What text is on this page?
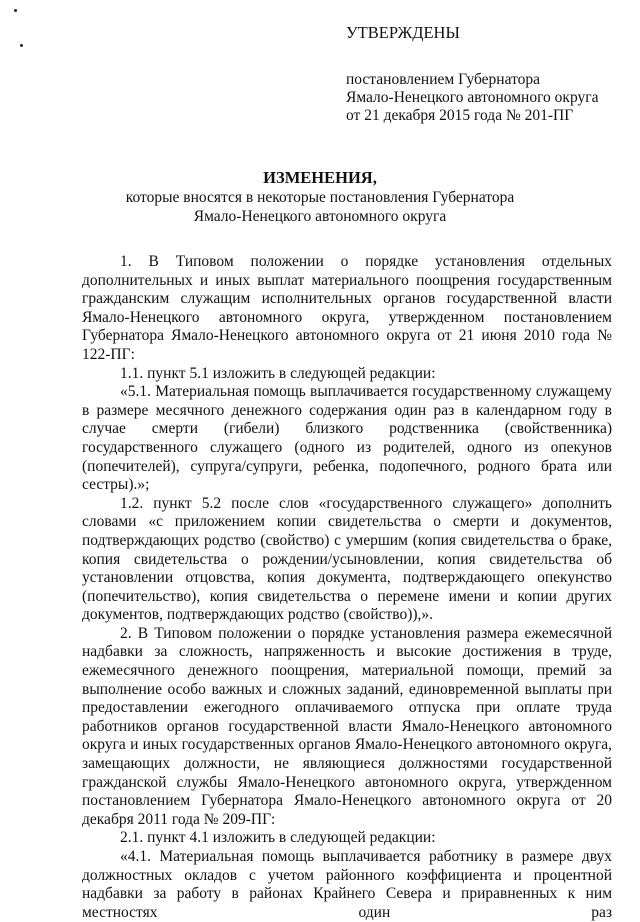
УТВЕРЖДЕНЫ
постановлением Губернатора
Ямало-Ненецкого автономного округа
от 21 декабря 2015 года № 201-ПГ
ИЗМЕНЕНИЯ,
которые вносятся в некоторые постановления Губернатора
Ямало-Ненецкого автономного округа

1. В Типовом положении о порядке установления отдельных дополнительных и иных выплат материального поощрения государственным гражданским служащим исполнительных органов государственной власти Ямало-Ненецкого автономного округа, утвержденном постановлением Губернатора Ямало-Ненецкого автономного округа от 21 июня 2010 года № 122-ПГ:

1.1. пункт 5.1 изложить в следующей редакции:

«5.1. Материальная помощь выплачивается государственному служащему в размере месячного денежного содержания один раз в календарном году в случае смерти (гибели) близкого родственника (свойственника) государственного служащего (одного из родителей, одного из опекунов (попечителей), супруга/супруги, ребенка, подопечного, родного брата или сестры).»;

1.2. пункт 5.2 после слов «государственного служащего» дополнить словами «с приложением копии свидетельства о смерти и документов, подтверждающих родство (свойство) с умершим (копия свидетельства о браке, копия свидетельства о рождении/усыновлении, копия свидетельства об установлении отцовства, копия документа, подтверждающего опекунство (попечительство), копия свидетельства о перемене имени и копии других документов, подтверждающих родство (свойство)),».

2. В Типовом положении о порядке установления размера ежемесячной надбавки за сложность, напряженность и высокие достижения в труде, ежемесячного денежного поощрения, материальной помощи, премий за выполнение особо важных и сложных заданий, единовременной выплаты при предоставлении ежегодного оплачиваемого отпуска при оплате труда работников органов государственной власти Ямало-Ненецкого автономного округа и иных государственных органов Ямало-Ненецкого автономного округа, замещающих должности, не являющиеся должностями государственной гражданской службы Ямало-Ненецкого автономного округа, утвержденном постановлением Губернатора Ямало-Ненецкого автономного округа от 20 декабря 2011 года № 209-ПГ:

2.1. пункт 4.1 изложить в следующей редакции:

«4.1. Материальная помощь выплачивается работнику в размере двух должностных окладов с учетом районного коэффициента и процентной надбавки за работу в районах Крайнего Севера и приравненных к ним местностях один раз
